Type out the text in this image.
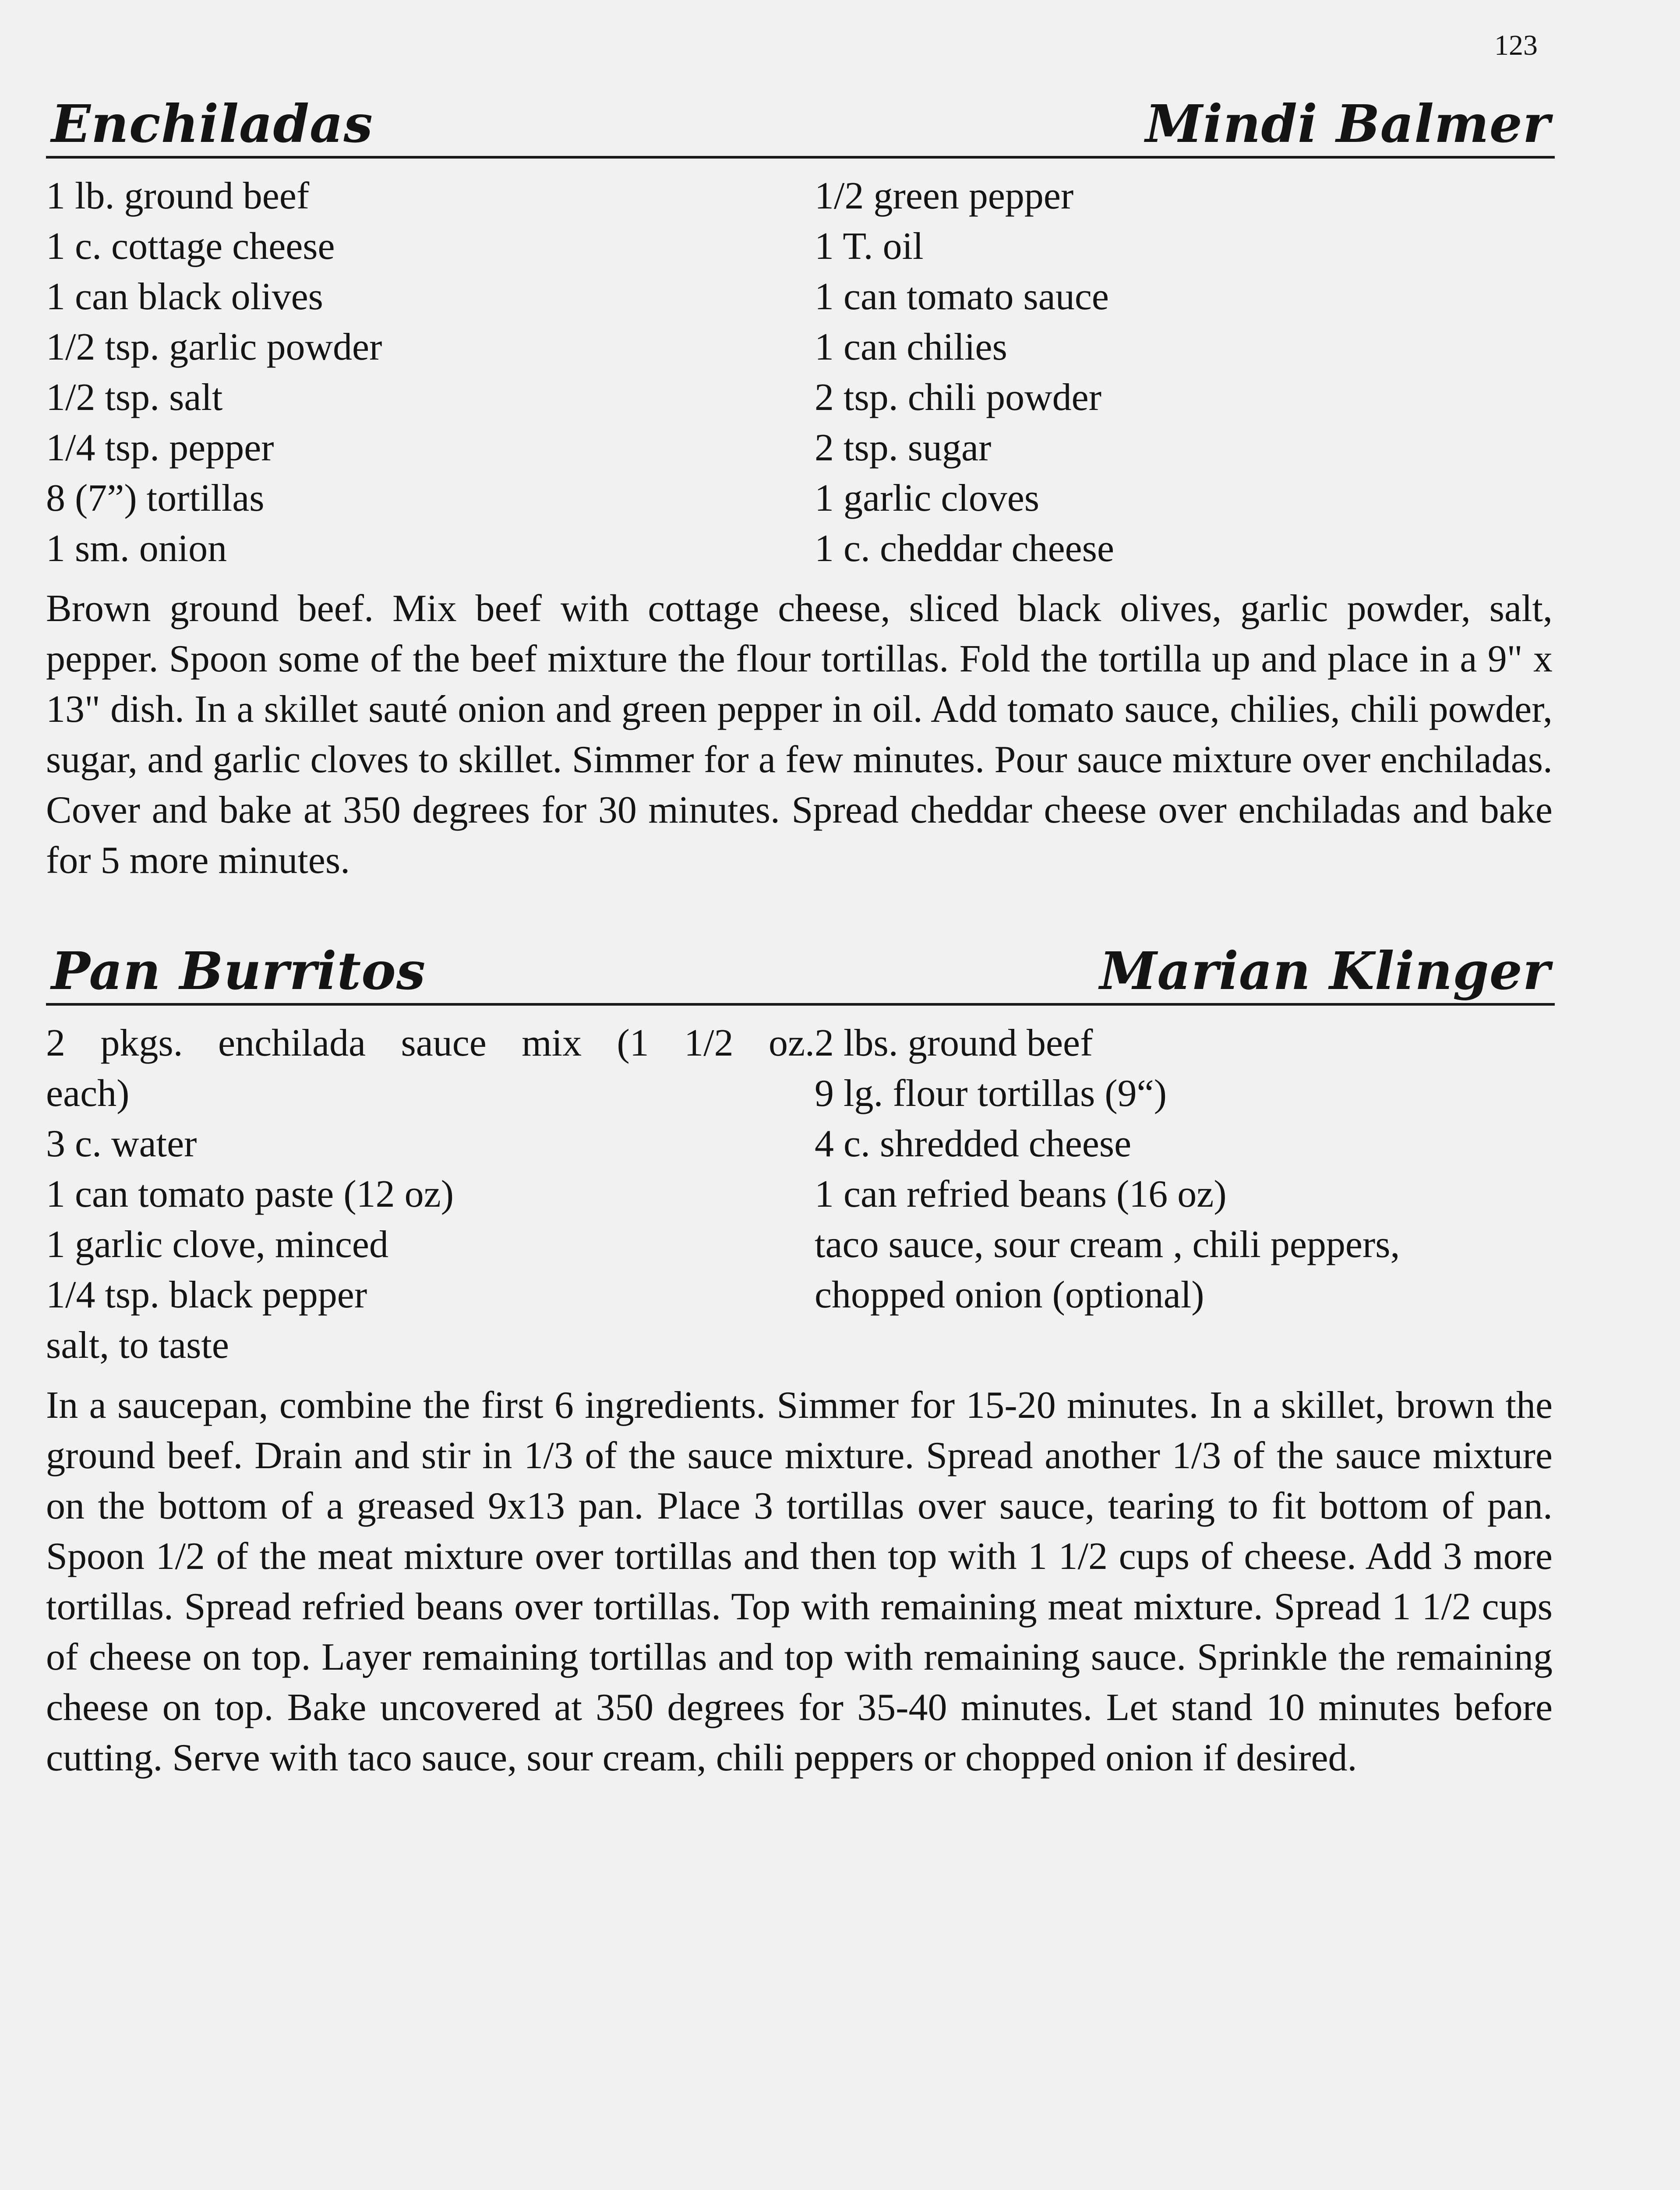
123
Enchiladas	Mindi Balmer
1 lb. ground beef
1 c. cottage cheese
1 can black olives
1/2 tsp. garlic powder
1/2 tsp. salt
1/4 tsp. pepper
8 (7”) tortillas
1 sm. onion
1/2 green pepper
1 T. oil
1 can tomato sauce
1 can chilies
2 tsp. chili powder
2 tsp. sugar
1 garlic cloves
1 c. cheddar cheese

Brown ground beef. Mix beef with cottage cheese, sliced black olives, garlic powder, salt, pepper. Spoon some of the beef mixture the flour tortillas. Fold the tortilla up and place in a 9" x 13" dish. In a skillet sauté onion and green pepper in oil. Add tomato sauce, chilies, chili powder, sugar, and garlic cloves to skillet. Simmer for a few minutes. Pour sauce mixture over enchiladas. Cover and bake at 350 degrees for 30 minutes. Spread cheddar cheese over enchiladas and bake for 5 more minutes.

Pan Burritos	Marian Klinger
2 pkgs. enchilada sauce mix (1 1/2 oz.
each)
3 c. water
1 can tomato paste (12 oz)
1 garlic clove, minced
1/4 tsp. black pepper
salt, to taste
2 lbs. ground beef
9 lg. flour tortillas (9“)
4 c. shredded cheese
1 can refried beans (16 oz)
taco sauce, sour cream , chili peppers,
chopped onion (optional)

In a saucepan, combine the first 6 ingredients. Simmer for 15-20 minutes. In a skillet, brown the ground beef. Drain and stir in 1/3 of the sauce mixture. Spread another 1/3 of the sauce mixture on the bottom of a greased 9x13 pan. Place 3 tortillas over sauce, tearing to fit bottom of pan. Spoon 1/2 of the meat mixture over tortillas and then top with 1 1/2 cups of cheese. Add 3 more tortillas. Spread refried beans over tortillas. Top with remaining meat mixture. Spread 1 1/2 cups of cheese on top. Layer remaining tortillas and top with remaining sauce. Sprinkle the remaining cheese on top. Bake uncovered at 350 degrees for 35-40 minutes. Let stand 10 minutes before cutting. Serve with taco sauce, sour cream, chili peppers or chopped onion if desired.
